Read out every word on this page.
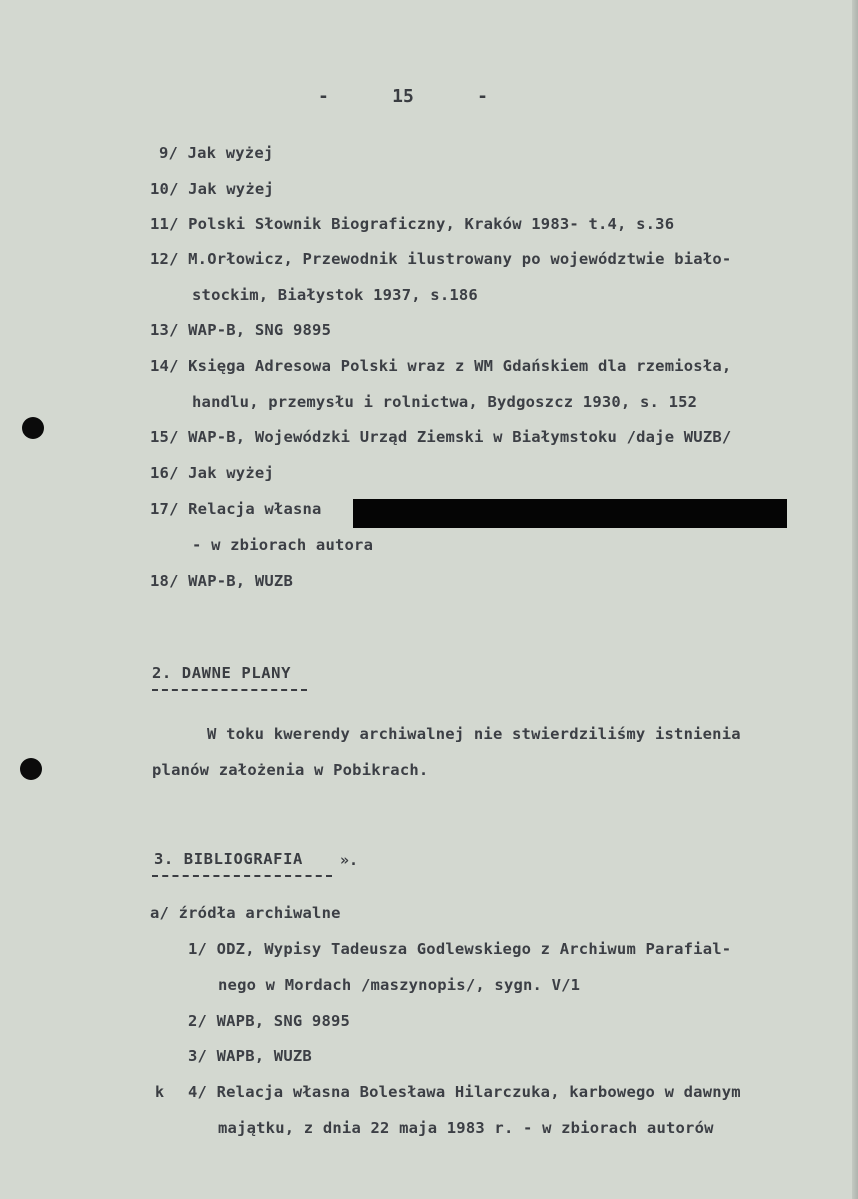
-	15	-
9/ Jak wyżej
10/ Jak wyżej
11/ Polski Słownik Biograficzny, Kraków 1983- t.4, s.36
12/ M.Orłowicz, Przewodnik ilustrowany po województwie biało-
stockim, Białystok 1937, s.186
13/ WAP-B, SNG 9895
14/ Księga Adresowa Polski wraz z WM Gdańskiem dla rzemiosła,
handlu, przemysłu i rolnictwa, Bydgoszcz 1930, s. 152
15/ WAP-B, Wojewódzki Urząd Ziemski w Białymstoku /daje WUZB/
16/ Jak wyżej
17/ Relacja własna
- w zbiorach autora
18/ WAP-B, WUZB
2. DAWNE PLANY
W toku kwerendy archiwalnej nie stwierdziliśmy istnienia
planów założenia w Pobikrach.
3. BIBLIOGRAFIA ».
a/ źródła archiwalne
1/ ODZ, Wypisy Tadeusza Godlewskiego z Archiwum Parafial-
nego w Mordach /maszynopis/, sygn. V/1
2/ WAPB, SNG 9895
3/ WAPB, WUZB
k 4/ Relacja własna Bolesława Hilarczuka, karbowego w dawnym
majątku, z dnia 22 maja 1983 r. - w zbiorach autorów
